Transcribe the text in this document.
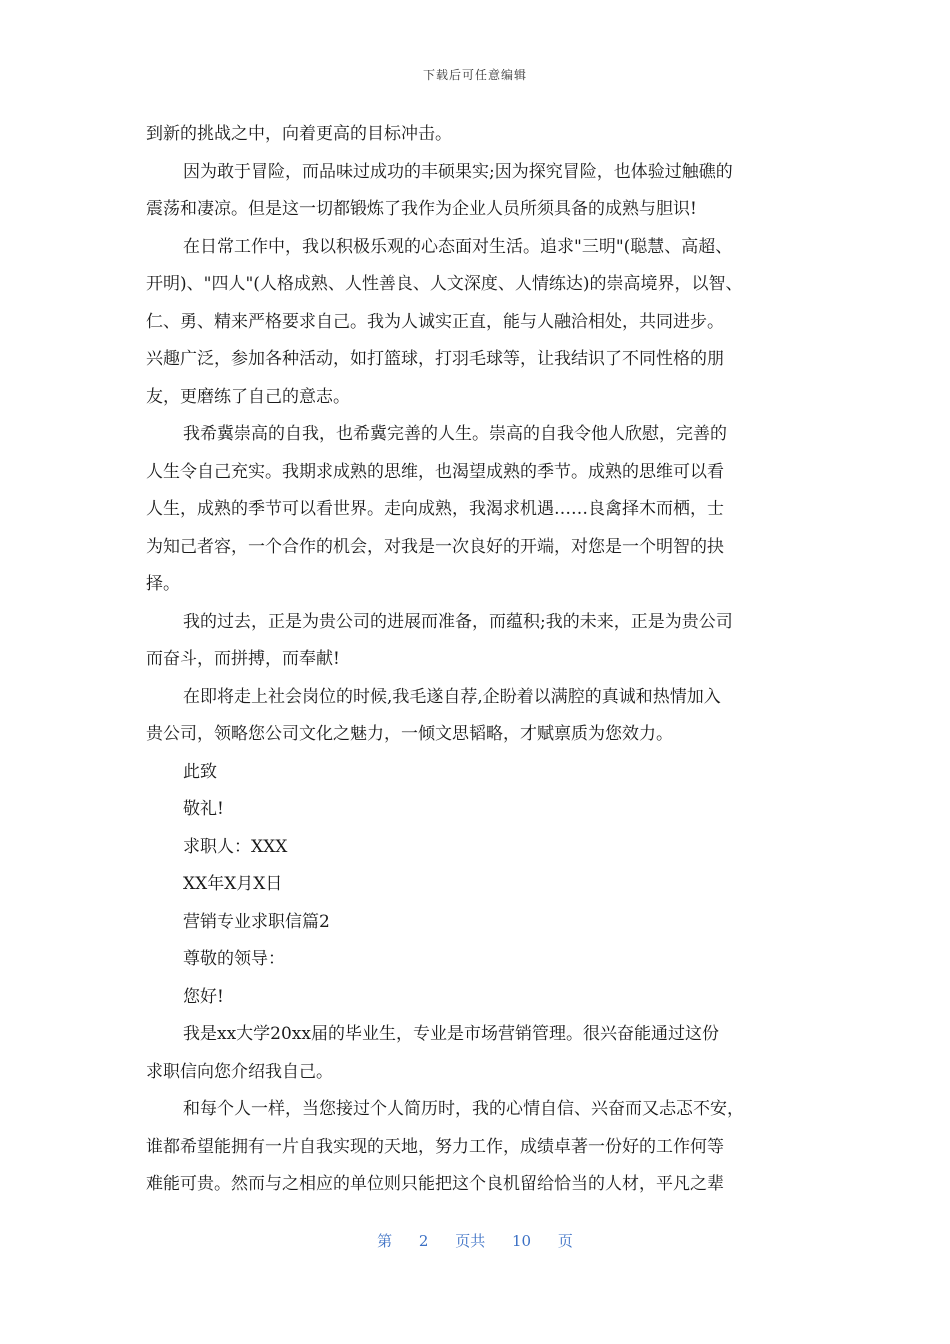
下载后可任意编辑
到新的挑战之中，向着更高的目标冲击。
因为敢于冒险，而品味过成功的丰硕果实;因为探究冒险，也体验过触礁的
震荡和凄凉。但是这一切都锻炼了我作为企业人员所须具备的成熟与胆识!
在日常工作中，我以积极乐观的心态面对生活。追求"三明"(聪慧、高超、
开明)、"四人"(人格成熟、人性善良、人文深度、人情练达)的崇高境界，以智、
仁、勇、精来严格要求自己。我为人诚实正直，能与人融洽相处，共同进步。
兴趣广泛，参加各种活动，如打篮球，打羽毛球等，让我结识了不同性格的朋
友，更磨练了自己的意志。
我希冀崇高的自我，也希冀完善的人生。崇高的自我令他人欣慰，完善的
人生令自己充实。我期求成熟的思维，也渴望成熟的季节。成熟的思维可以看
人生，成熟的季节可以看世界。走向成熟，我渴求机遇……良禽择木而栖，士
为知己者容，一个合作的机会，对我是一次良好的开端，对您是一个明智的抉
择。
我的过去，正是为贵公司的进展而准备，而蕴积;我的未来，正是为贵公司
而奋斗，而拼搏，而奉献!
在即将走上社会岗位的时候,我毛遂自荐,企盼着以满腔的真诚和热情加入
贵公司，领略您公司文化之魅力，一倾文思韬略，才赋禀质为您效力。
此致
敬礼!
求职人：XXX
XX年X月X日
营销专业求职信篇2
尊敬的领导：
您好!
我是xx大学20xx届的毕业生，专业是市场营销管理。很兴奋能通过这份
求职信向您介绍我自己。
和每个人一样，当您接过个人简历时，我的心情自信、兴奋而又忐忑不安，
谁都希望能拥有一片自我实现的天地，努力工作，成绩卓著一份好的工作何等
难能可贵。然而与之相应的单位则只能把这个良机留给恰当的人材，平凡之辈
第 2 页共 10 页
